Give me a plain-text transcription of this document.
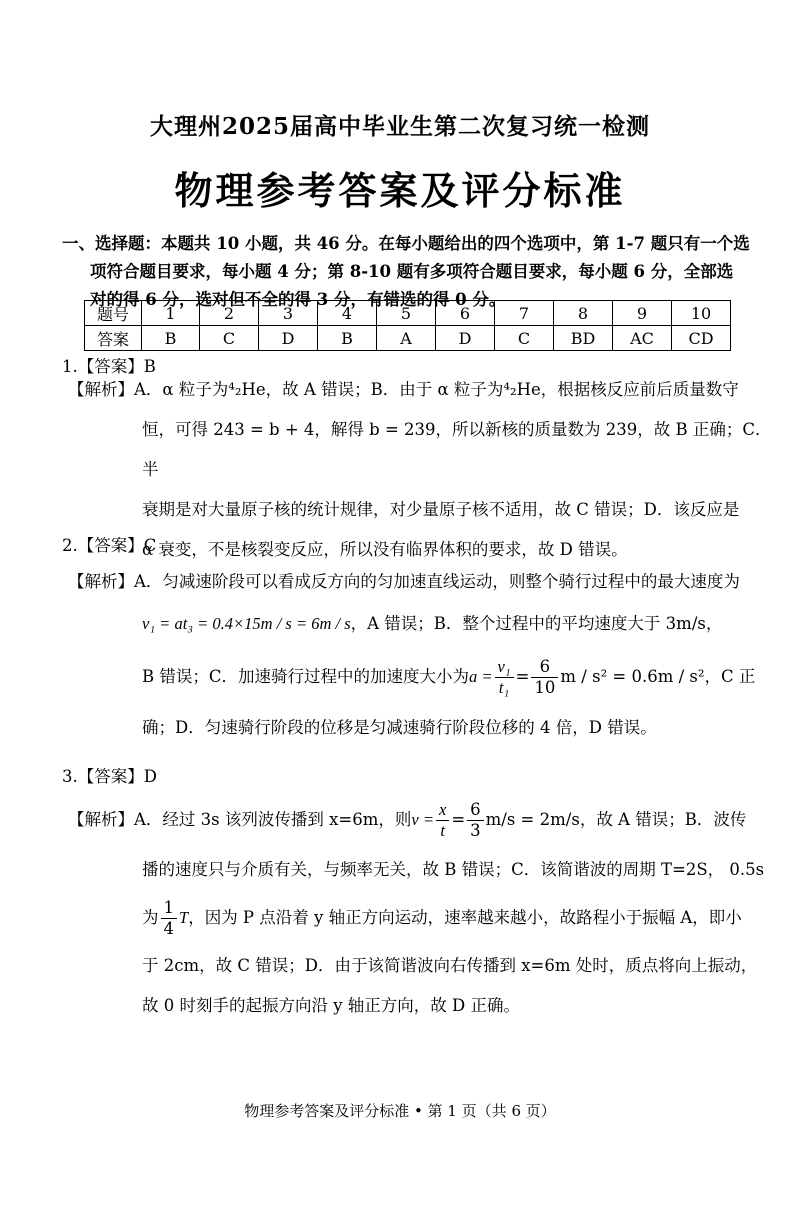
大理州2025届高中毕业生第二次复习统一检测
物理参考答案及评分标准
一、选择题：本题共 10 小题，共 46 分。在每小题给出的四个选项中，第 1-7 题只有一个选
项符合题目要求，每小题 4 分；第 8-10 题有多项符合题目要求，每小题 6 分，全部选
对的得 6 分，选对但不全的得 3 分，有错选的得 0 分。
题号	1	2	3	4	5	6	7	8	9	10
答案	B	C	D	B	A	D	C	BD	AC	CD
1.【答案】B
【解析】A．α 粒子为⁴₂He，故 A 错误；B．由于 α 粒子为⁴₂He，根据核反应前后质量数守
恒，可得 243 = b + 4，解得 b = 239，所以新核的质量数为 239，故 B 正确；C．半
衰期是对大量原子核的统计规律，对少量原子核不适用，故 C 错误；D．该反应是
α 衰变，不是核裂变反应，所以没有临界体积的要求，故 D 错误。
2.【答案】C
【解析】A．匀减速阶段可以看成反方向的匀加速直线运动，则整个骑行过程中的最大速度为
v₁ = at₃ = 0.4×15m / s = 6m / s，A 错误；B．整个过程中的平均速度大于 3m/s，
B 错误；C．加速骑行过程中的加速度大小为$a = \frac{\text{v₁}}{\text{t₁}} = \frac{6}{10}$ m / s² = 0.6m / s²，C 正
确；D．匀速骑行阶段的位移是匀减速骑行阶段位移的 4 倍，D 错误。
3.【答案】D
【解析】A．经过 3s 该列波传播到 x=6m，则$v = \frac{x}{t} = \frac{6}{3} m/s = 2m/s$，故 A 错误；B．波传
播的速度只与介质有关，与频率无关，故 B 错误；C．该简谐波的周期 T=2S， 0.5s
为 $\frac{1}{4}$ T，因为 P 点沿着 y 轴正方向运动，速率越来越小，故路程小于振幅 A，即小
于 2cm，故 C 错误；D．由于该简谐波向右传播到 x=6m 处时，质点将向上振动，
故 0 时刻手的起振方向沿 y 轴正方向，故 D 正确。
物理参考答案及评分标准 • 第 1 页（共 6 页）
